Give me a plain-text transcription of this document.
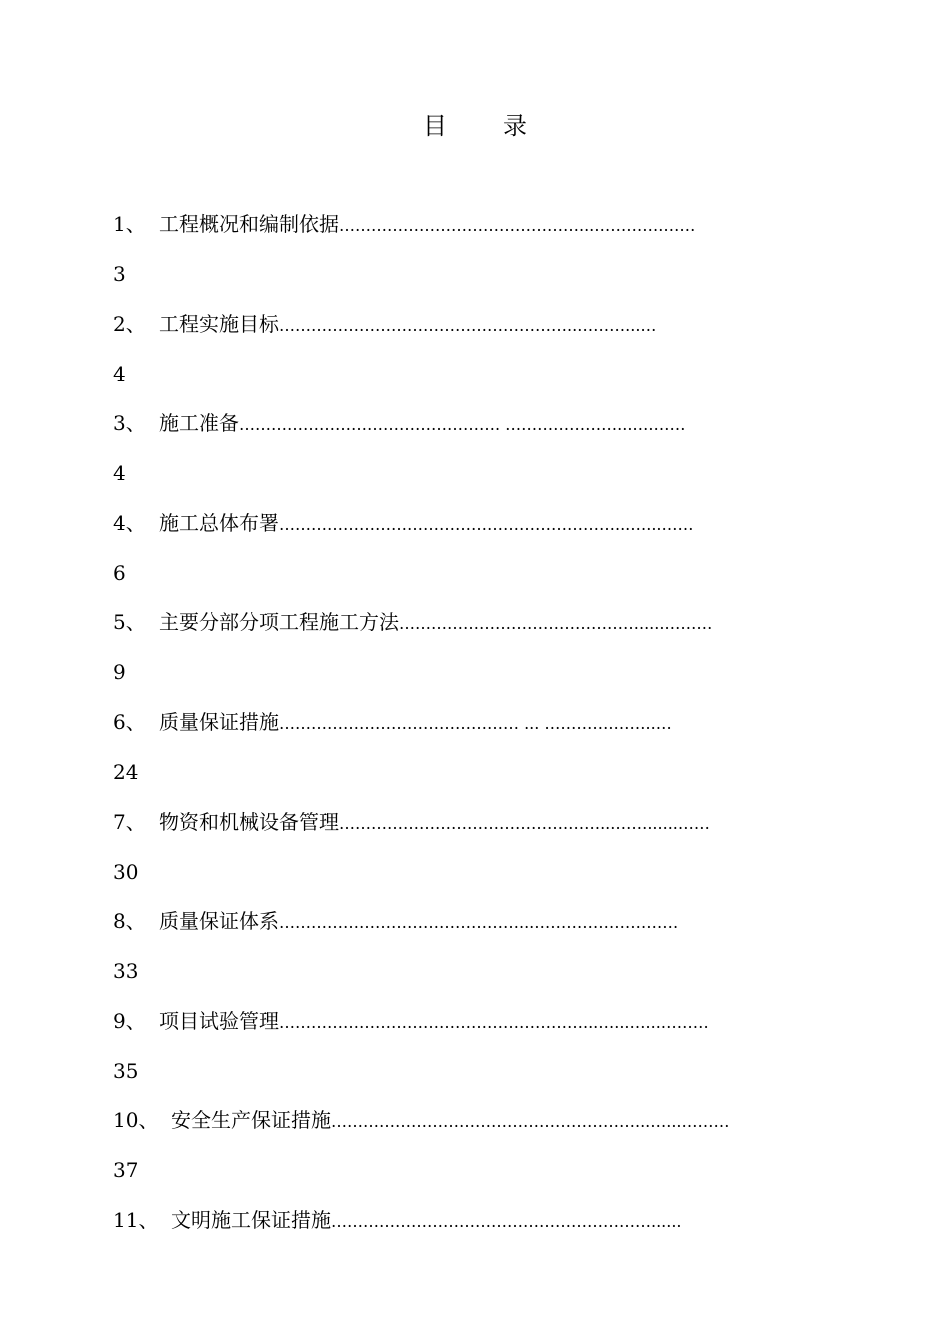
目 录
1、 工程概况和编制依据 ………………………………………...………….……
3
2、 工程实施目标 ………………………………………………..………...…
4
3、 施工准备 …………………………………………. …………………...….……
4
4、 施工总体布署 ………………………………………………………...…...……
6
5、 主要分部分项工程施工方法 ……………………………………….....………
9
6、 质量保证措施 ……………………………………… ... ………….……..…
24
7、 物资和机械设备管理 …………………………………….……...……......……
30
8、 质量保证体系 ………………………………………...………………………
33
9、 项目试验管理 …………………………………………………...…...…...………
35
10、 安全生产保证措施 …………………………………………………...…...………
37
11、 文明施工保证措施 ……………………………………………………......
